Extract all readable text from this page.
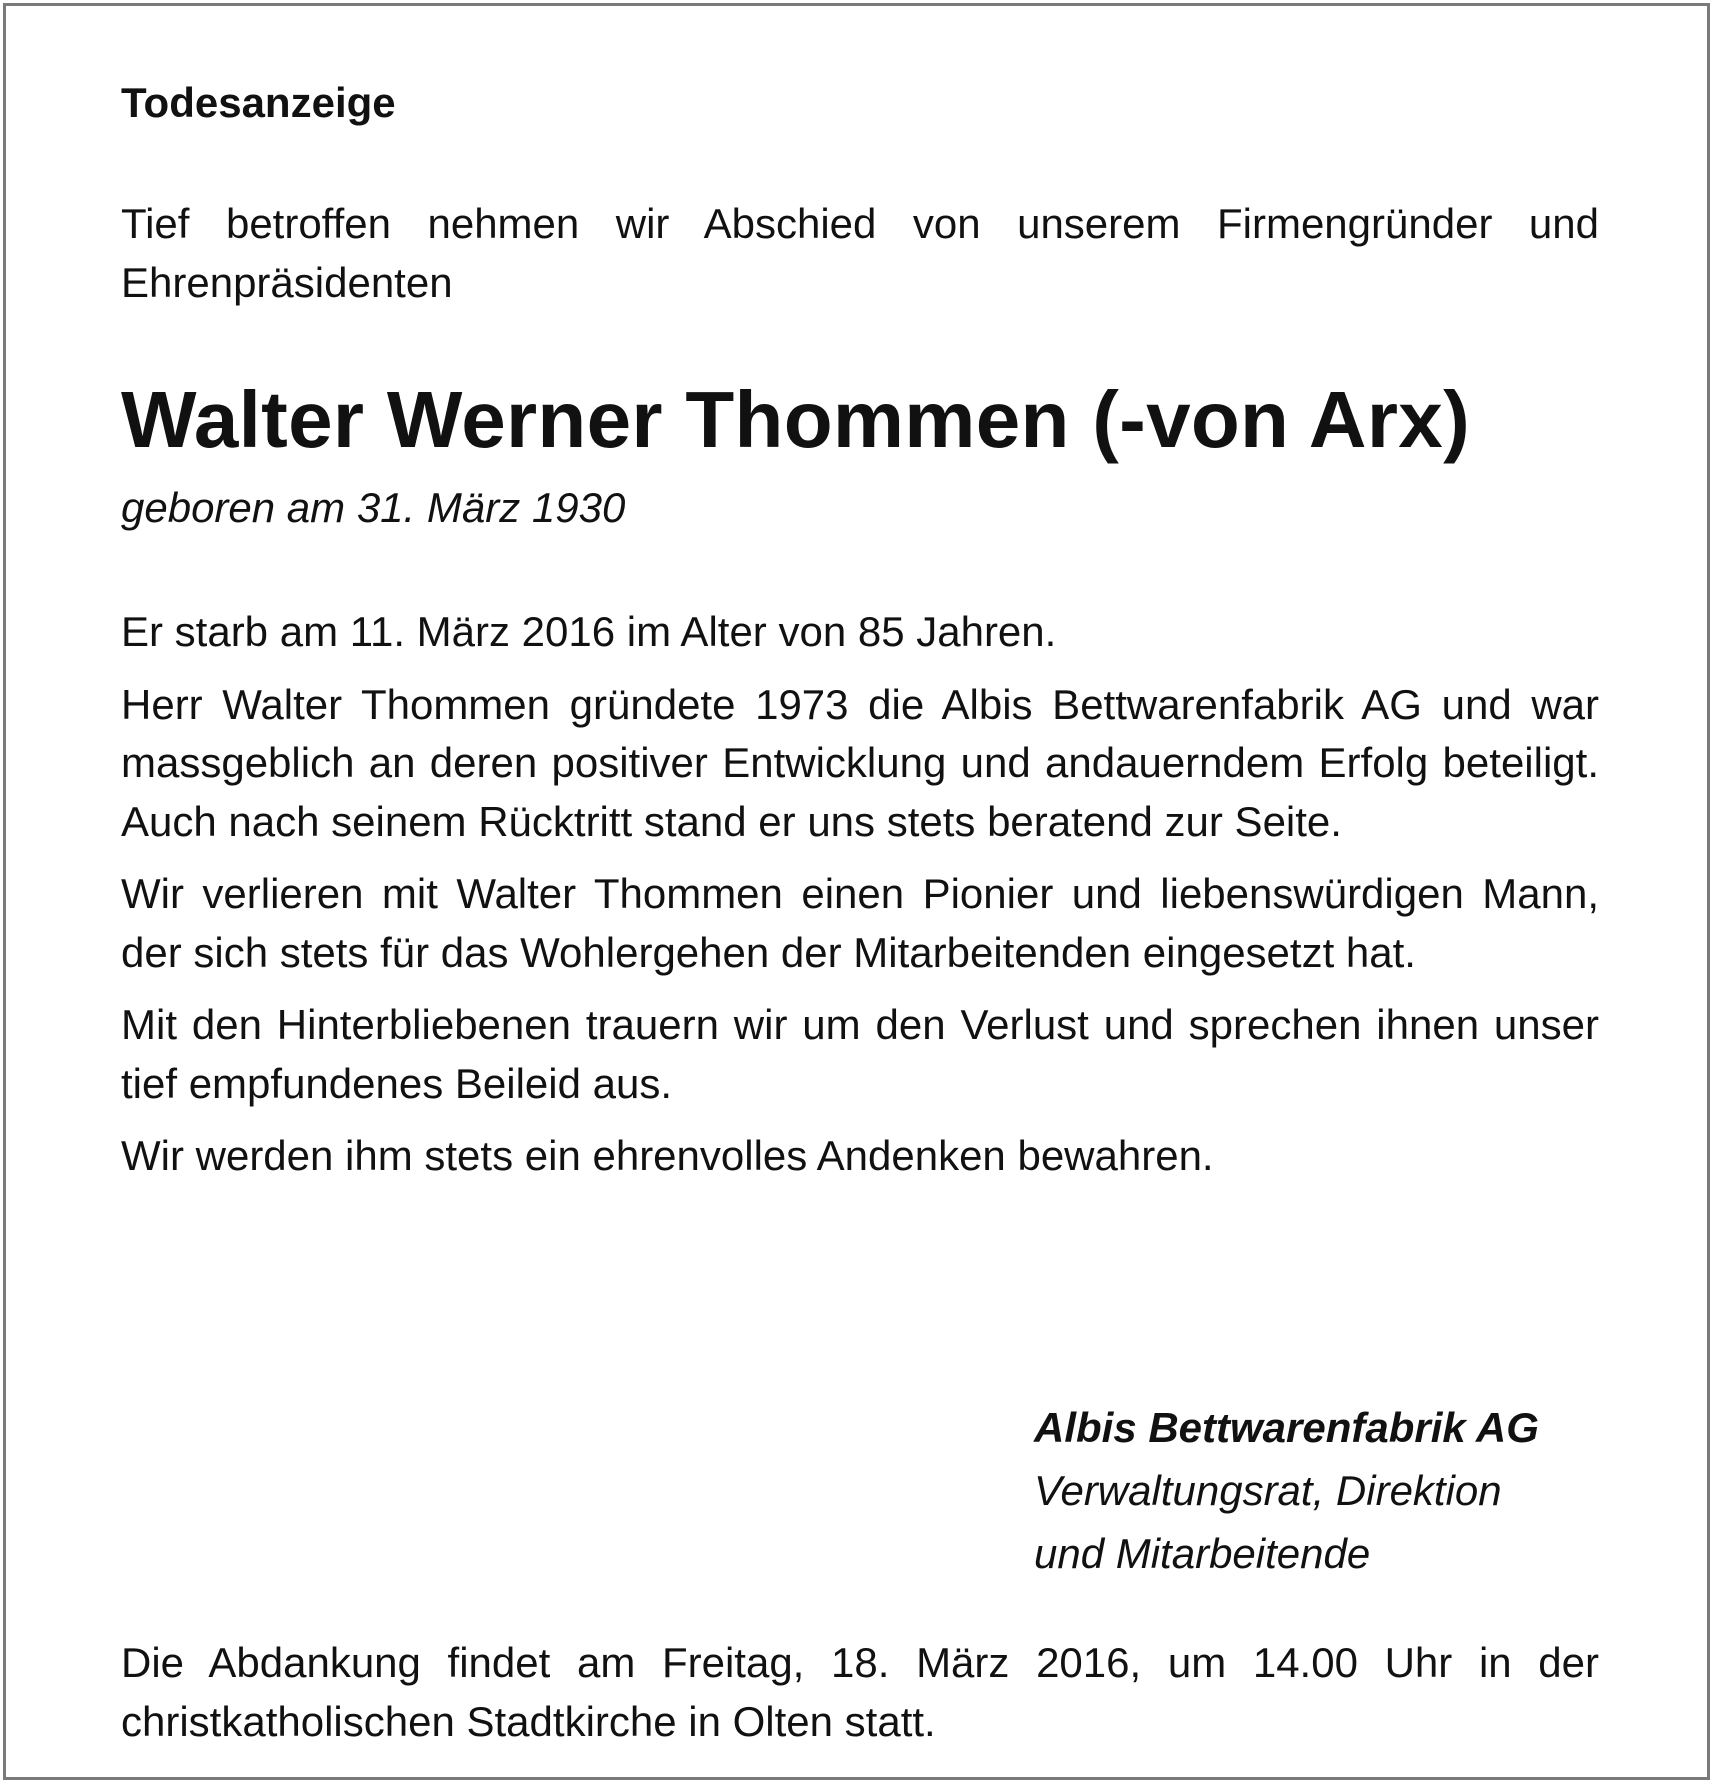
Todesanzeige
Tief betroffen nehmen wir Abschied von unserem Firmengründer und Ehrenpräsidenten
Walter Werner Thommen (-von Arx)
geboren am 31. März 1930

Er starb am 11. März 2016 im Alter von 85 Jahren.

Herr Walter Thommen gründete 1973 die Albis Bettwarenfabrik AG und war massgeblich an deren positiver Entwicklung und andauerndem Erfolg beteiligt. Auch nach seinem Rücktritt stand er uns stets beratend zur Seite.

Wir verlieren mit Walter Thommen einen Pionier und liebenswürdigen Mann, der sich stets für das Wohlergehen der Mitarbeitenden eingesetzt hat.

Mit den Hinterbliebenen trauern wir um den Verlust und sprechen ihnen unser tief empfundenes Beileid aus.

Wir werden ihm stets ein ehrenvolles Andenken bewahren.

Albis Bettwarenfabrik AG
Verwaltungsrat, Direktion
und Mitarbeitende
Die Abdankung findet am Freitag, 18. März 2016, um 14.00 Uhr in der christkatholischen Stadtkirche in Olten statt.
